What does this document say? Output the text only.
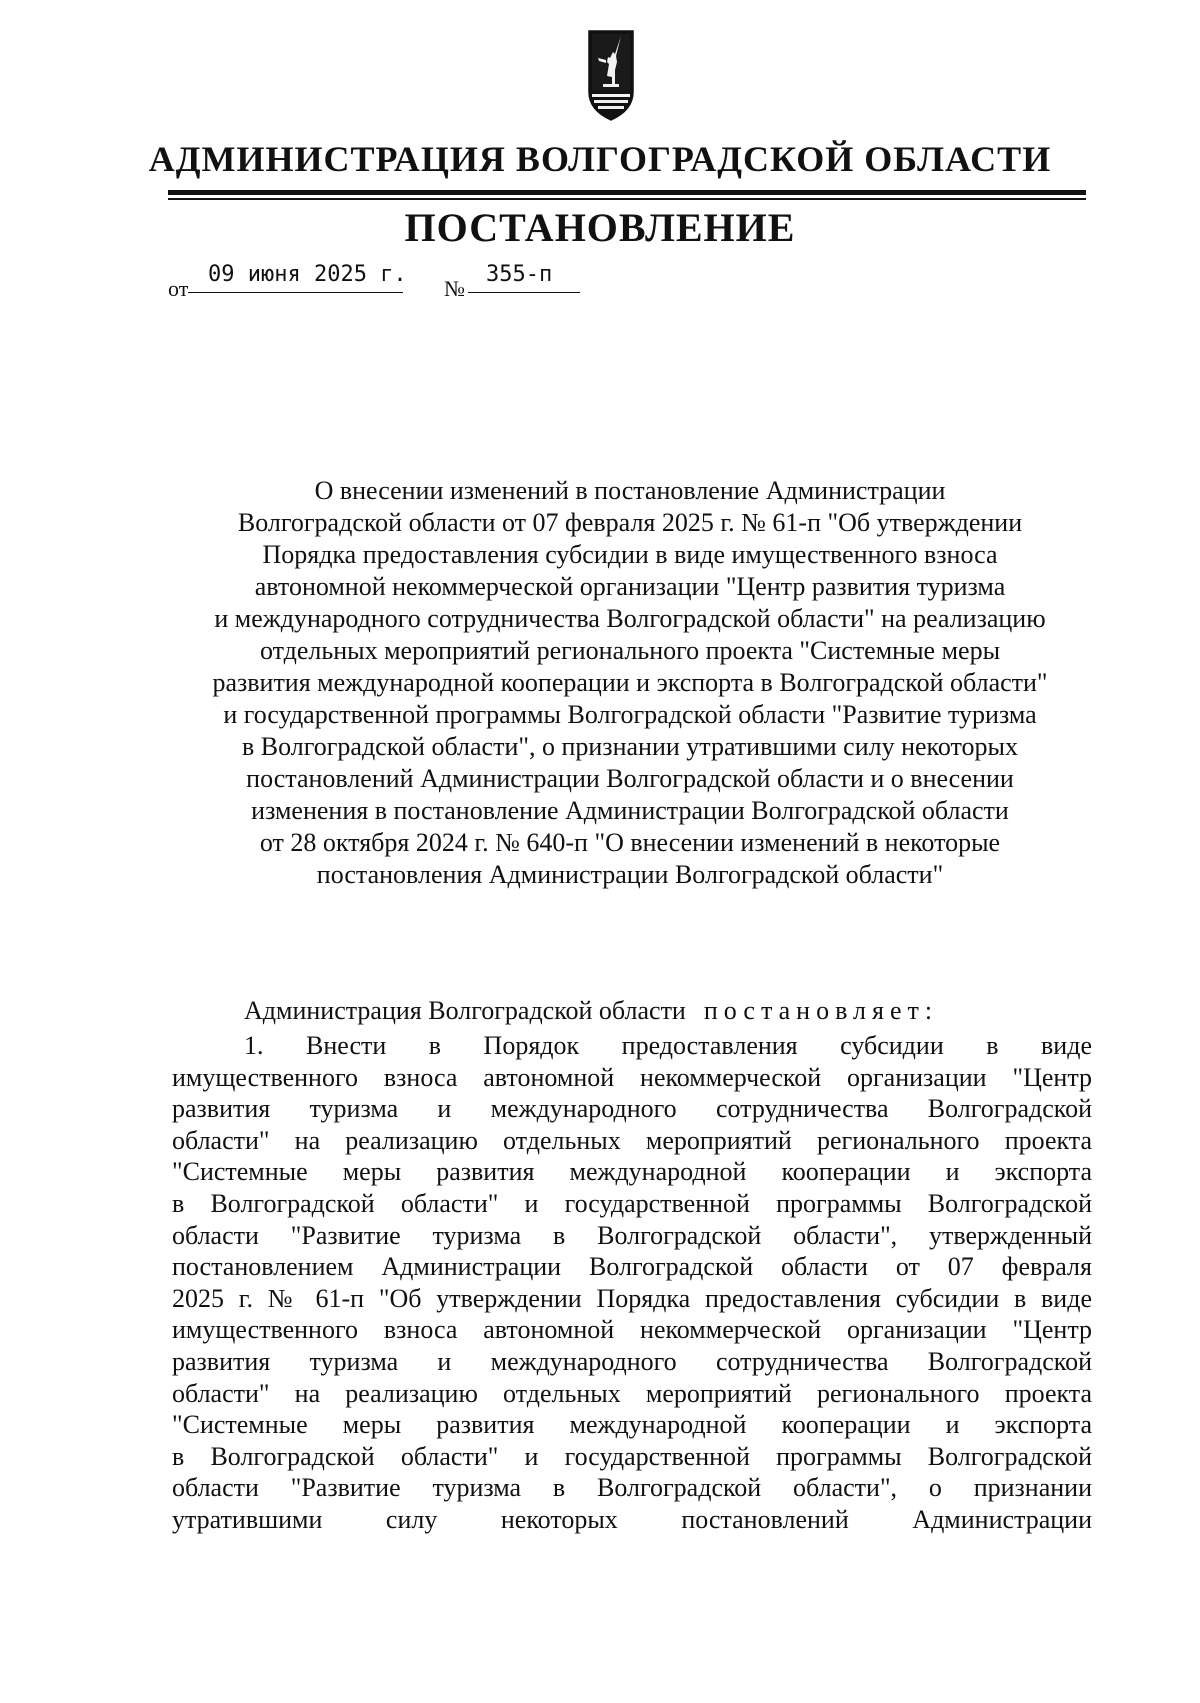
АДМИНИСТРАЦИЯ ВОЛГОГРАДСКОЙ ОБЛАСТИ
ПОСТАНОВЛЕНИЕ
от
09 июня 2025 г.
№
355-п
О внесении изменений в постановление Администрации
Волгоградской области от 07 февраля 2025 г. № 61-п "Об утверждении
Порядка предоставления субсидии в виде имущественного взноса
автономной некоммерческой организации "Центр развития туризма
и международного сотрудничества Волгоградской области" на реализацию
отдельных мероприятий регионального проекта "Системные меры
развития международной кооперации и экспорта в Волгоградской области"
и государственной программы Волгоградской области "Развитие туризма
в Волгоградской области", о признании утратившими силу некоторых
постановлений Администрации Волгоградской области и о внесении
изменения в постановление Администрации Волгоградской области
от 28 октября 2024 г. № 640-п "О внесении изменений в некоторые
постановления Администрации Волгоградской области"
Администрация Волгоградской области постановляет:
1. Внести в Порядок предоставления субсидии в виде
имущественного взноса автономной некоммерческой организации "Центр
развития туризма и международного сотрудничества Волгоградской
области" на реализацию отдельных мероприятий регионального проекта
"Системные меры развития международной кооперации и экспорта
в Волгоградской области" и государственной программы Волгоградской
области "Развитие туризма в Волгоградской области", утвержденный
постановлением Администрации Волгоградской области от 07 февраля
2025 г. № 61-п "Об утверждении Порядка предоставления субсидии в виде
имущественного взноса автономной некоммерческой организации "Центр
развития туризма и международного сотрудничества Волгоградской
области" на реализацию отдельных мероприятий регионального проекта
"Системные меры развития международной кооперации и экспорта
в Волгоградской области" и государственной программы Волгоградской
области "Развитие туризма в Волгоградской области", о признании
утратившими силу некоторых постановлений Администрации
